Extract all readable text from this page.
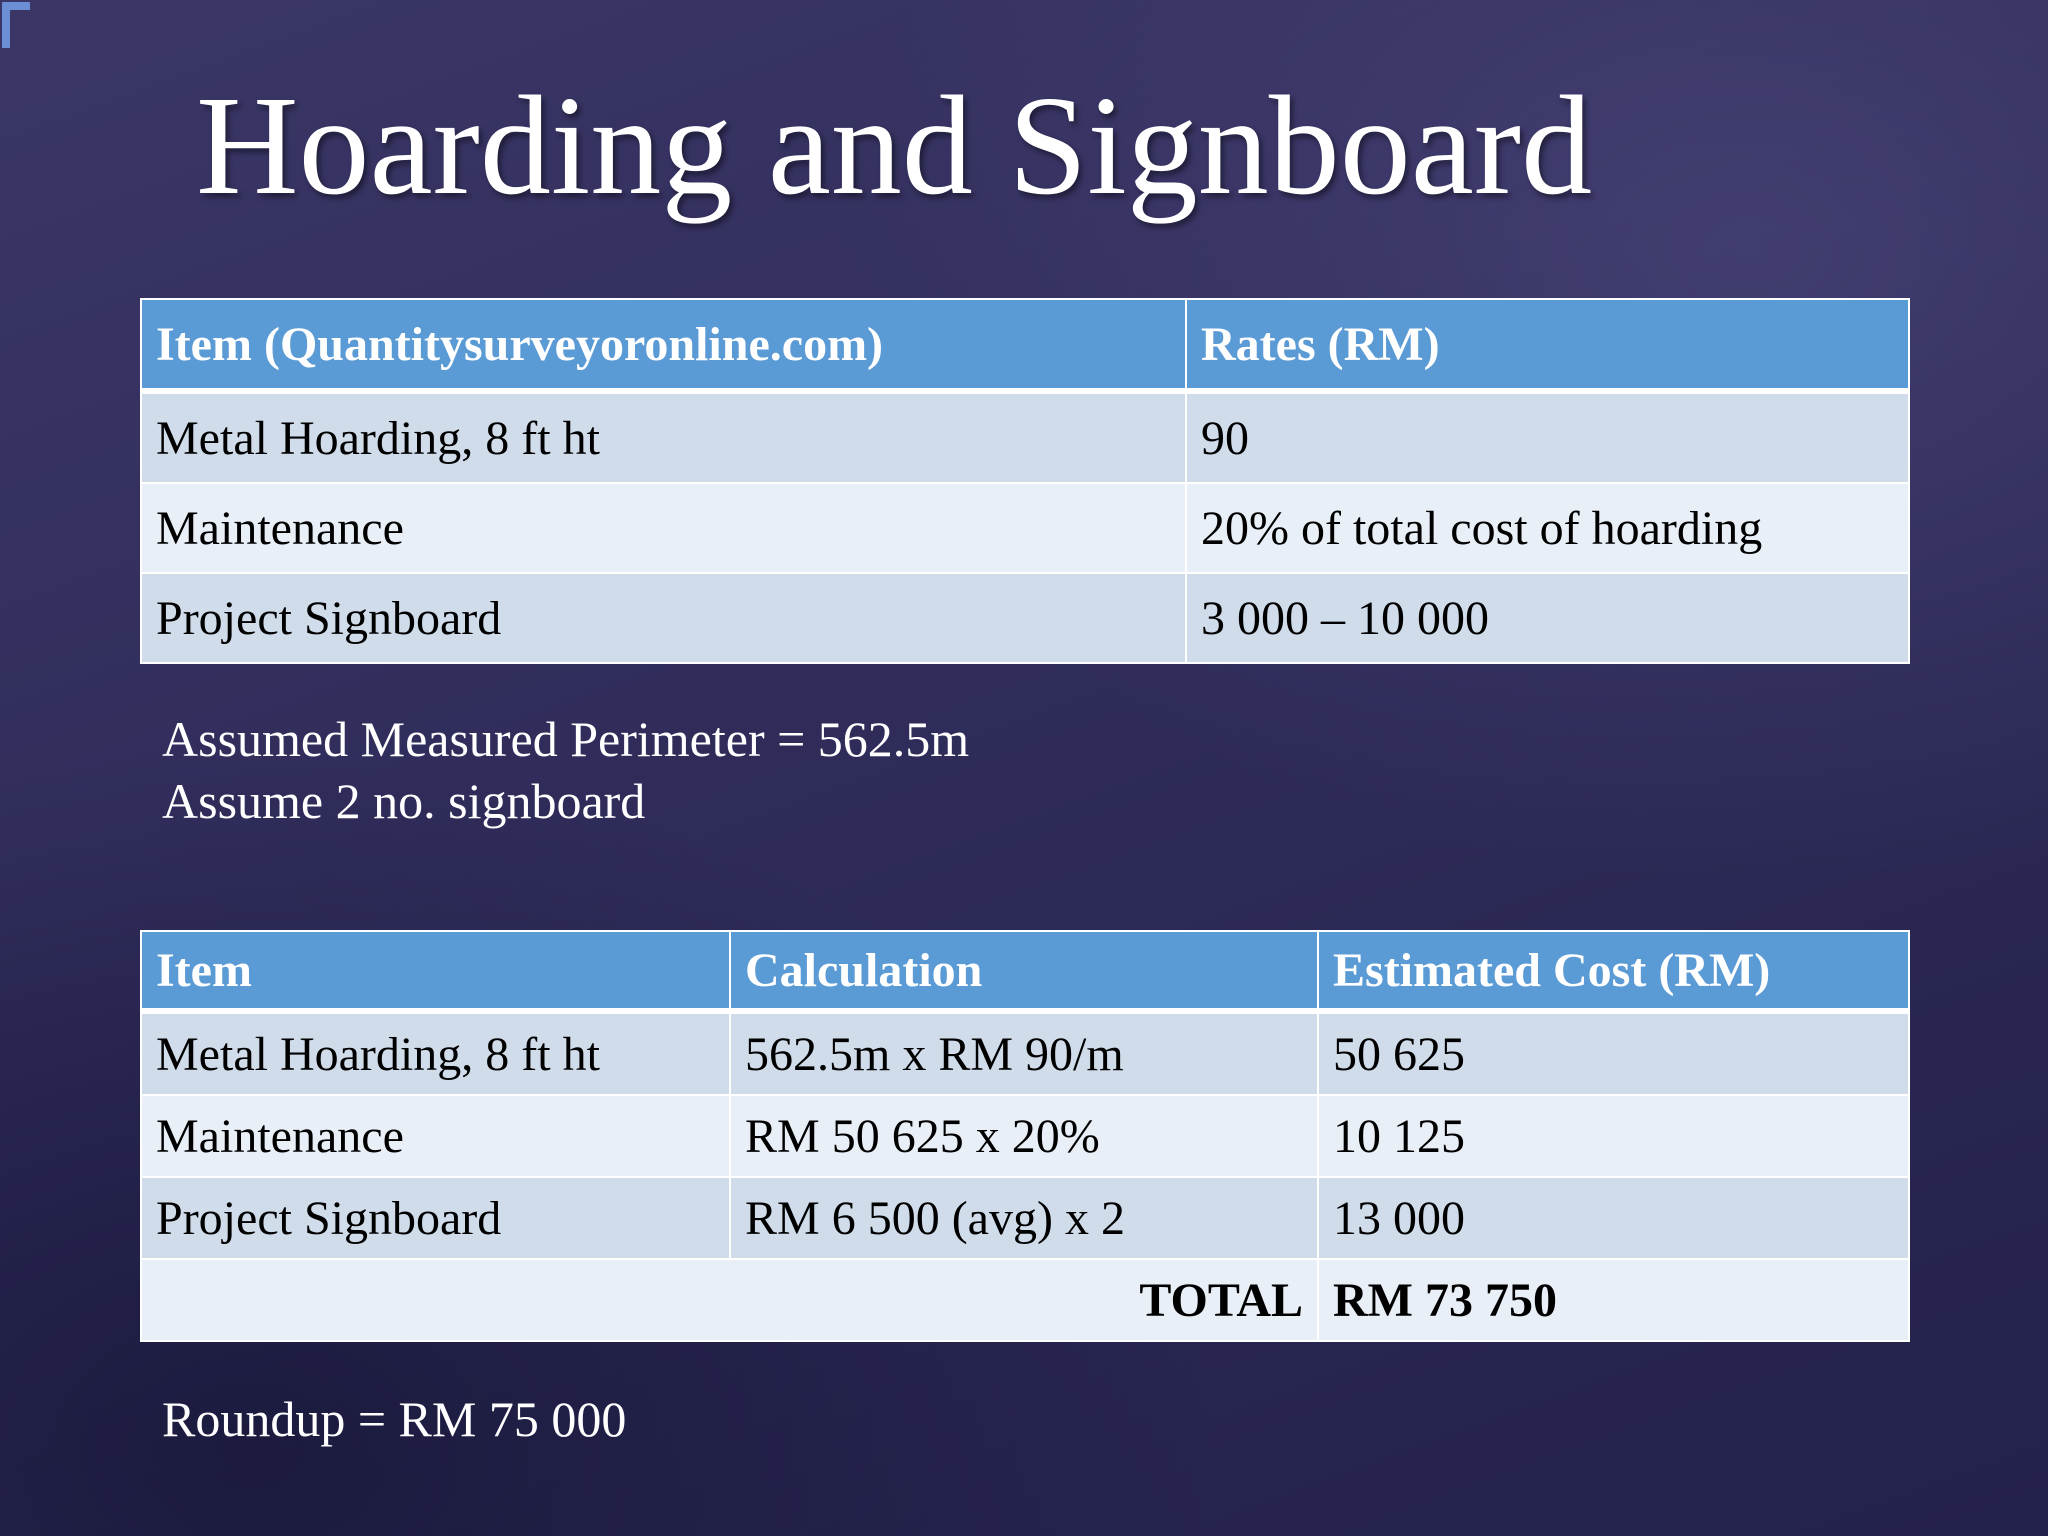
Hoarding and Signboard
Item (Quantitysurveyoronline.com)	Rates (RM)
Metal Hoarding, 8 ft ht	90
Maintenance	20% of total cost of hoarding
Project Signboard	3 000 – 10 000
Assumed Measured Perimeter = 562.5m
Assume 2 no. signboard
Item	Calculation	Estimated Cost (RM)
Metal Hoarding, 8 ft ht	562.5m x RM 90/m	50 625
Maintenance	RM 50 625 x 20%	10 125
Project Signboard	RM 6 500 (avg) x 2	13 000
TOTAL		RM 73 750
Roundup = RM 75 000
